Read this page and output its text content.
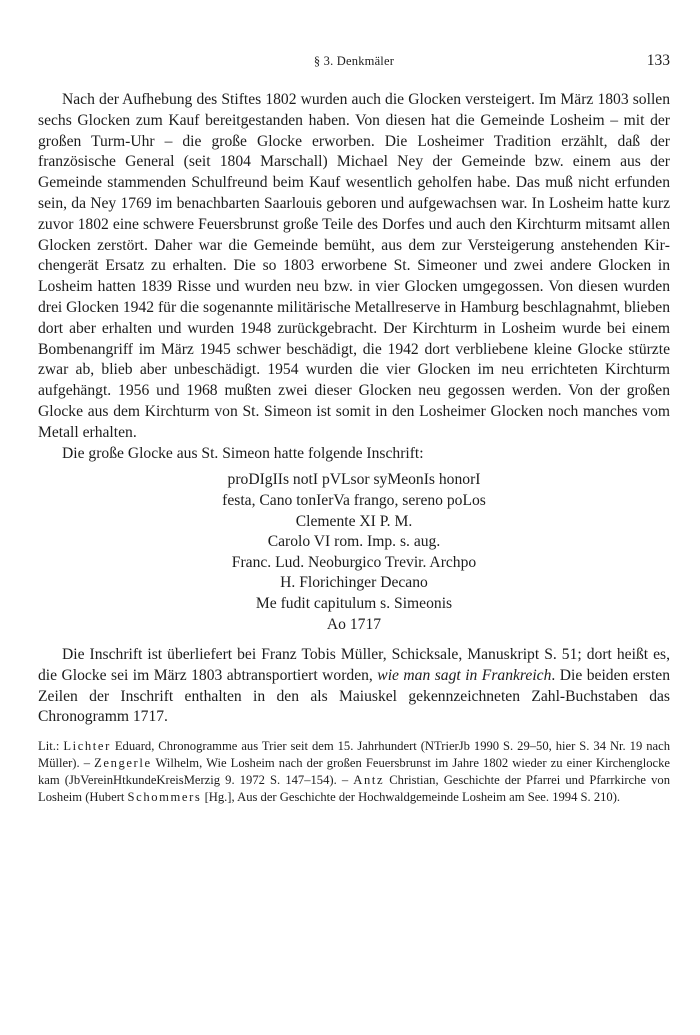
§ 3. Denkmäler	133

Nach der Aufhebung des Stiftes 1802 wurden auch die Glocken versteigert. Im März 1803 sollen sechs Glocken zum Kauf bereitgestanden haben. Von diesen hat die Gemeinde Losheim – mit der großen Turm-Uhr – die große Glocke erworben. Die Losheimer Tradition erzählt, daß der französische General (seit 1804 Marschall) Michael Ney der Gemeinde bzw. einem aus der Gemeinde stammenden Schulfreund beim Kauf wesentlich geholfen habe. Das muß nicht erfunden sein, da Ney 1769 im benachbarten Saarlouis geboren und aufgewachsen war. In Losheim hatte kurz zuvor 1802 eine schwere Feuersbrunst große Teile des Dorfes und auch den Kirchturm mitsamt allen Glocken zerstört. Daher war die Gemeinde bemüht, aus dem zur Versteigerung anstehenden Kirchengerät Ersatz zu erhalten. Die so 1803 erworbene St. Simeoner und zwei andere Glocken in Losheim hatten 1839 Risse und wurden neu bzw. in vier Glocken umgegossen. Von diesen wurden drei Glocken 1942 für die sogenannte militärische Metallreserve in Hamburg beschlagnahmt, blieben dort aber erhalten und wurden 1948 zurückgebracht. Der Kirchturm in Losheim wurde bei einem Bombenangriff im März 1945 schwer beschädigt, die 1942 dort verbliebene kleine Glocke stürzte zwar ab, blieb aber unbeschädigt. 1954 wurden die vier Glocken im neu errichteten Kirchturm aufgehängt. 1956 und 1968 mußten zwei dieser Glocken neu gegossen werden. Von der großen Glocke aus dem Kirchturm von St. Simeon ist somit in den Losheimer Glocken noch manches vom Metall erhalten.

Die große Glocke aus St. Simeon hatte folgende Inschrift:

proDIgIIs notI pVLsor syMeonIs honorI
festa, Cano tonIerVa frango, sereno poLos
Clemente XI P. M.
Carolo VI rom. Imp. s. aug.
Franc. Lud. Neoburgico Trevir. Archpo
H. Florichinger Decano
Me fudit capitulum s. Simeonis
Ao 1717

Die Inschrift ist überliefert bei Franz Tobis Müller, Schicksale, Manuskript S. 51; dort heißt es, die Glocke sei im März 1803 abtransportiert worden, wie man sagt in Frankreich. Die beiden ersten Zeilen der Inschrift enthalten in den als Maiuskel gekennzeichneten Zahl-Buchstaben das Chronogramm 1717.

Lit.: Lichter Eduard, Chronogramme aus Trier seit dem 15. Jahrhundert (NTrierJb 1990 S. 29–50, hier S. 34 Nr. 19 nach Müller). – Zengerle Wilhelm, Wie Losheim nach der großen Feuersbrunst im Jahre 1802 wieder zu einer Kirchenglocke kam (JbVereinHtkundeKreisMerzig 9. 1972 S. 147–154). – Antz Christian, Geschichte der Pfarrei und Pfarrkirche von Losheim (Hubert Schommers [Hg.], Aus der Geschichte der Hochwaldgemeinde Losheim am See. 1994 S. 210).
